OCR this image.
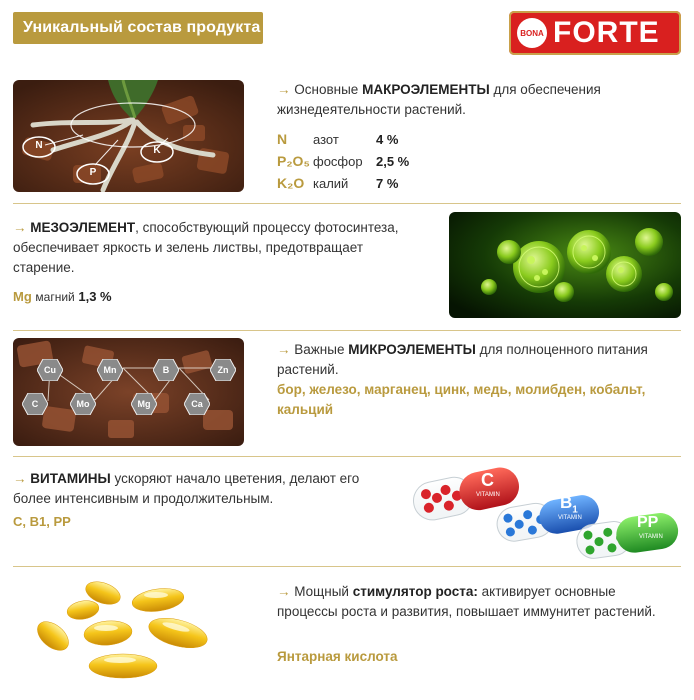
Уникальный состав продукта	BONA FORTE
N
P
K
→ Основные МАКРОЭЛЕМЕНТЫ для обеспечения жизнедеятельности растений.
N азот	4 %
P₂O₅ фосфор 2,5 %
K₂O калий 7 %
→ МЕЗОЭЛЕМЕНТ, способствующий процессу фотосинтеза, обеспечивает яркость и зелень листвы, предотвращает старение.
Mg магний 1,3 %
Cu	Mn	B	Zn
C	Mo	Mg	Ca
→ Важные МИКРОЭЛЕМЕНТЫ для полноценного питания растений.
бор, железо, марганец, цинк, медь, молибден, кобальт, кальций
→ ВИТАМИНЫ ускоряют начало цветения, делают его более интенсивным и продолжительным.
C, B1, PP
C
VITAMIN	$B_1$
VITAMIN	PP
VITAMIN
→ Мощный стимулятор роста: активирует основные процессы роста и развития, повышает иммунитет растений.
Янтарная кислота
